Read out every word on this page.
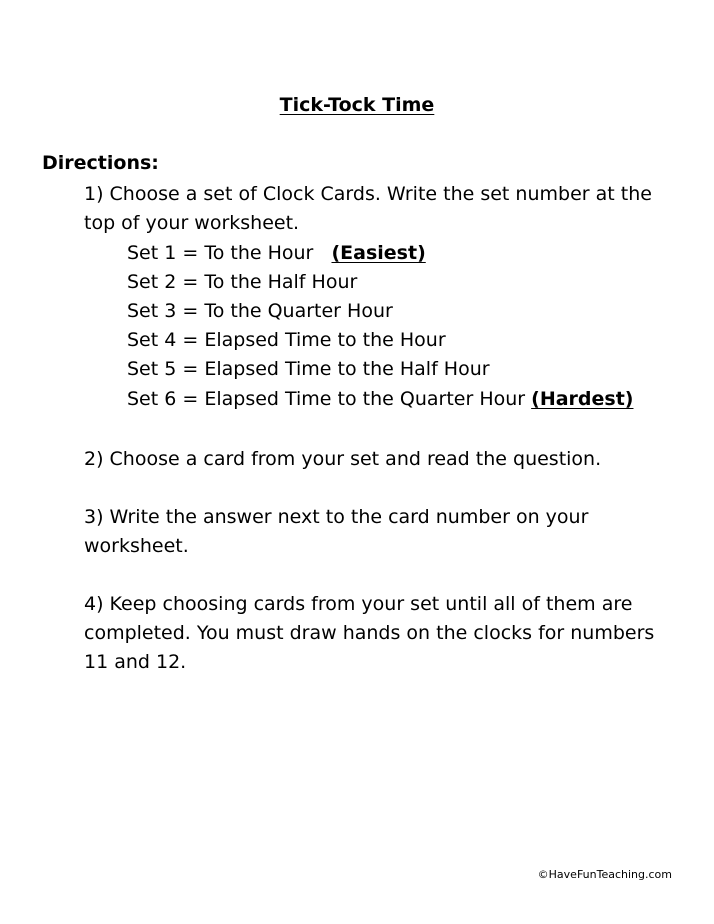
Tick-Tock Time
Directions:
1) Choose a set of Clock Cards. Write the set number at the top of your worksheet.
Set 1 = To the Hour (Easiest)
Set 2 = To the Half Hour
Set 3 = To the Quarter Hour
Set 4 = Elapsed Time to the Hour
Set 5 = Elapsed Time to the Half Hour
Set 6 = Elapsed Time to the Quarter Hour (Hardest)
2) Choose a card from your set and read the question.
3) Write the answer next to the card number on your worksheet.
4) Keep choosing cards from your set until all of them are completed. You must draw hands on the clocks for numbers 11 and 12.
©HaveFunTeaching.com
